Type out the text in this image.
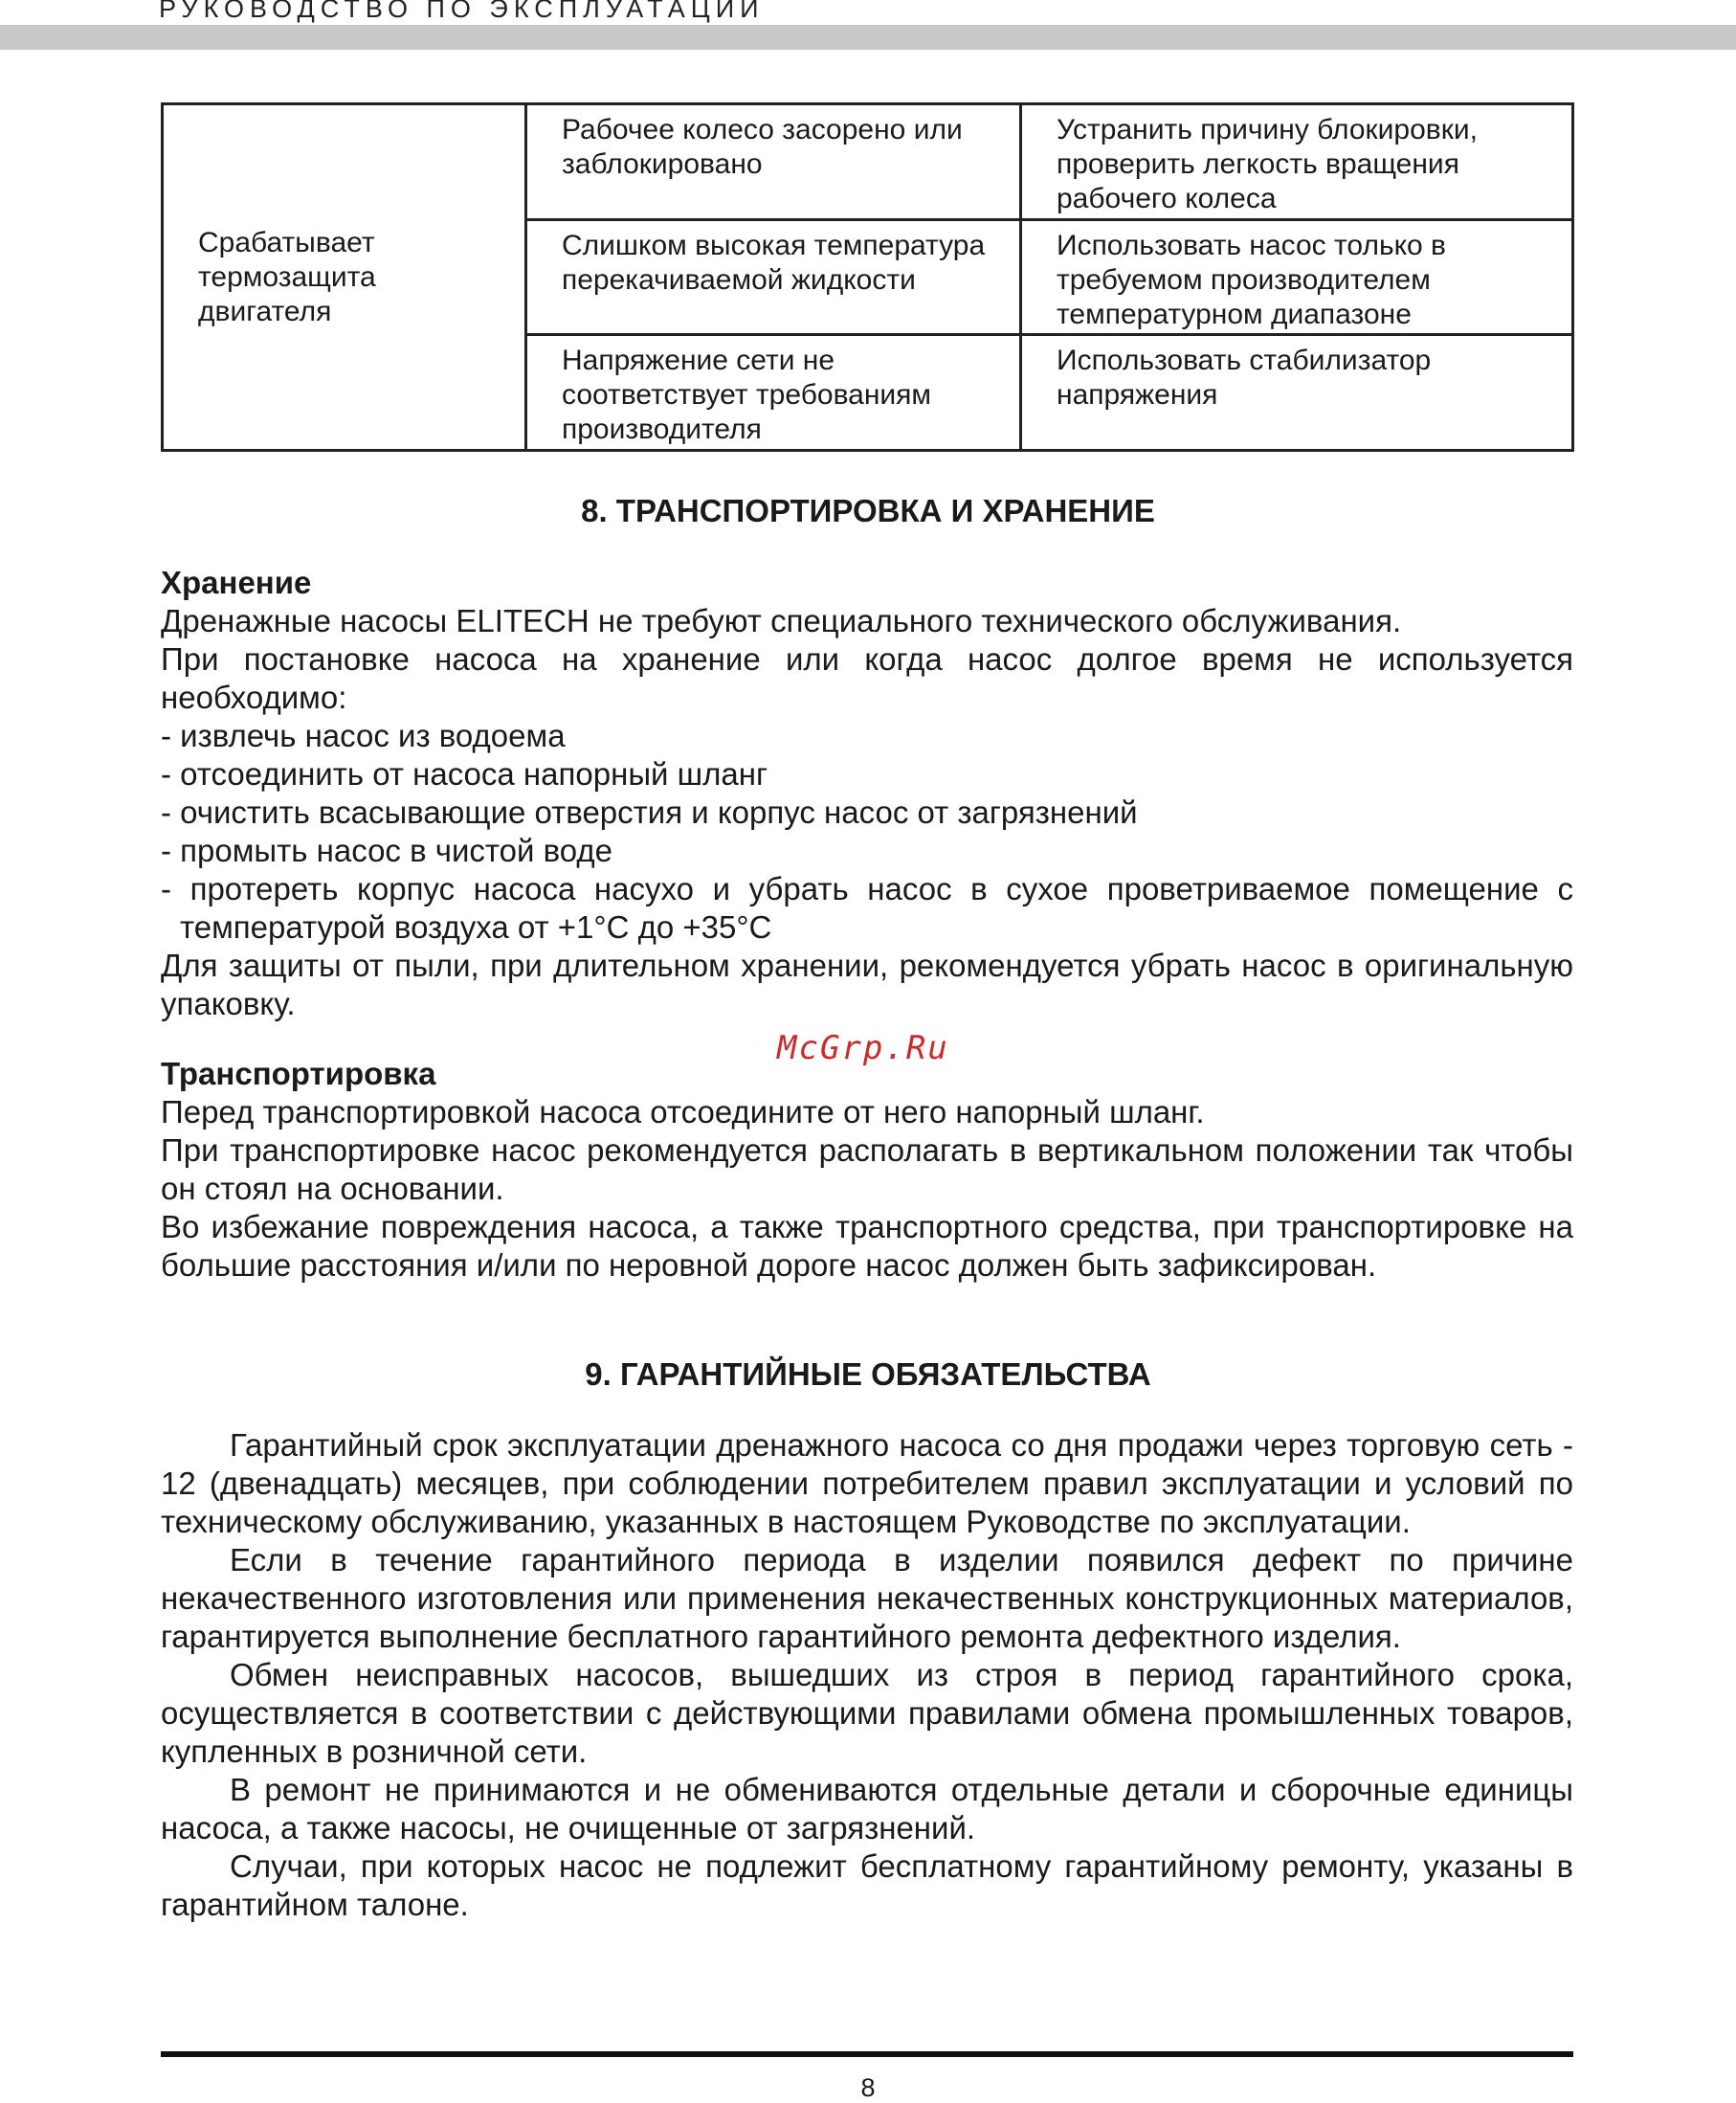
РУКОВОДСТВО ПО ЭКСПЛУАТАЦИИ
Срабатывает термозащита двигателя	Рабочее колесо засорено или заблокировано	Устранить причину блокировки, проверить легкость вращения рабочего колеса
	Слишком высокая температура перекачиваемой жидкости	Использовать насос только в требуемом производителем температурном диапазоне
	Напряжение сети не соответствует требованиям производителя	Использовать стабилизатор напряжения
8. ТРАНСПОРТИРОВКА И ХРАНЕНИЕ

Хранение

Дренажные насосы ELITECH не требуют специального технического обслуживания.

При постановке насоса на хранение или когда насос долгое время не используется необходимо:

- извлечь насос из водоема

- отсоединить от насоса напорный шланг

- очистить всасывающие отверстия и корпус насос от загрязнений

- промыть насос в чистой воде

- протереть корпус насоса насухо и убрать насос в сухое проветриваемое помещение с температурой воздуха от +1°С до +35°С

Для защиты от пыли, при длительном хранении, рекомендуется убрать насос в оригинальную упаковку.

McGrp.Ru

Транспортировка

Перед транспортировкой насоса отсоедините от него напорный шланг.

При транспортировке насос рекомендуется располагать в вертикальном положении так чтобы он стоял на основании.

Во избежание повреждения насоса, а также транспортного средства, при транспортировке на большие расстояния и/или по неровной дороге насос должен быть зафиксирован.

9. ГАРАНТИЙНЫЕ ОБЯЗАТЕЛЬСТВА

Гарантийный срок эксплуатации дренажного насоса со дня продажи через торговую сеть - 12 (двенадцать) месяцев, при соблюдении потребителем правил эксплуатации и условий по техническому обслуживанию, указанных в настоящем Руководстве по эксплуатации.

Если в течение гарантийного периода в изделии появился дефект по причине некачественного изготовления или применения некачественных конструкционных материалов, гарантируется выполнение бесплатного гарантийного ремонта дефектного изделия.

Обмен неисправных насосов, вышедших из строя в период гарантийного срока, осуществляется в соответствии с действующими правилами обмена промышленных товаров, купленных в розничной сети.

В ремонт не принимаются и не обмениваются отдельные детали и сборочные единицы насоса, а также насосы, не очищенные от загрязнений.

Случаи, при которых насос не подлежит бесплатному гарантийному ремонту, указаны в гарантийном талоне.

8
